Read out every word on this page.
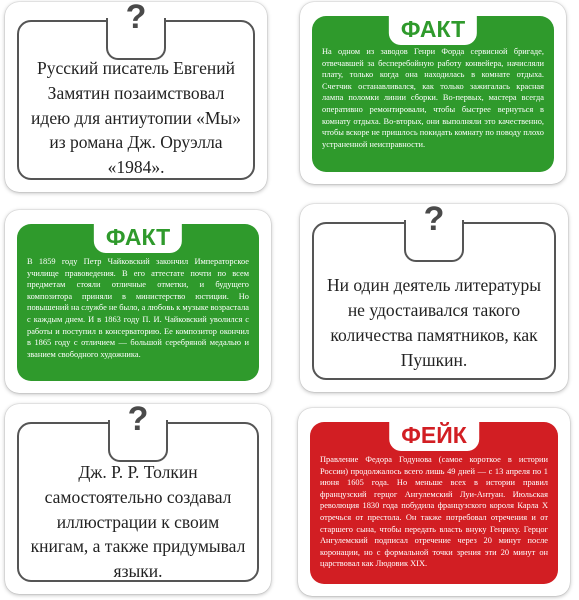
?
Русский писатель Евгений Замятин позаимствовал идею для антиутопии «Мы» из романа Дж. Оруэлла «1984».
ФАКТ
На одном из заводов Генри Форда сервисной бригаде, отвечавшей за бесперебойную работу конвейера, начисляли плату, только когда она находилась в комнате отдыха. Счетчик останавливался, как только зажигалась красная лампа поломки линии сборки. Во-первых, мастера всегда оперативно ремонтировали, чтобы быстрее вернуться в комнату отдыха. Во-вторых, они выполняли это качественно, чтобы вскоре не пришлось покидать комнату по поводу плохо устраненной неисправности.
ФАКТ
В 1859 году Петр Чайковский закончил Императорское училище правоведения. В его аттестате почти по всем предметам стояли отличные отметки, и будущего композитора приняли в министерство юстиции. Но повышений на службе не было, а любовь к музыке возрастала с каждым днем. И в 1863 году П. И. Чайковский уволился с работы и поступил в консерваторию. Ее композитор окончил в 1865 году с отличием — большой серебряной медалью и званием свободного художника.
?
Ни один деятель литературы не удостаивался такого количества памятников, как Пушкин.
?
Дж. Р. Р. Толкин самостоятельно создавал иллюстрации к своим книгам, а также придумывал языки.
ФЕЙК
Правление Федора Годунова (самое короткое в истории России) продолжалось всего лишь 49 дней — с 13 апреля по 1 июня 1605 года. Но меньше всех в истории правил французский герцог Ангулемский Луи-Антуан. Июльская революция 1830 года побудила французского короля Карла X отречься от престола. Он также потребовал отречения и от старшего сына, чтобы передать власть внуку Генриху. Герцог Ангулемский подписал отречение через 20 минут после коронации, но с формальной точки зрения эти 20 минут он царствовал как Людовик XIX.
